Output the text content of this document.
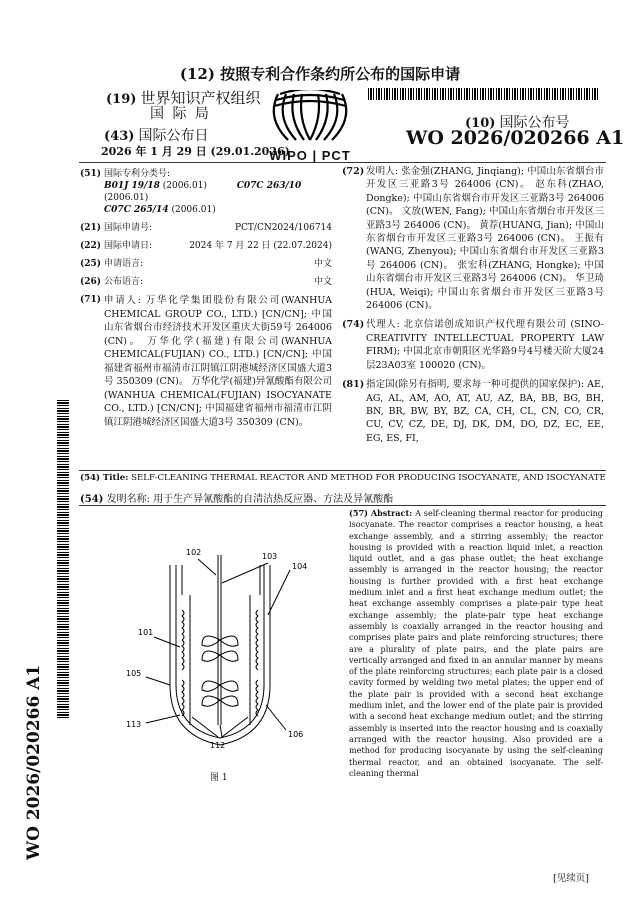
(12) 按照专利合作条约所公布的国际申请
(19) 世界知识产权组织
国 际 局
(43) 国际公布日
2026 年 1 月 29 日 (29.01.2026)
WIPO | PCT
(10) 国际公布号
WO 2026/020266 A1
(51) 国际专利分类号:
B01J 19/18 (2006.01)	C07C 263/10 (2006.01)
C07C 265/14 (2006.01)
(21) 国际申请号:	PCT/CN2024/106714
(22) 国际申请日:	2024 年 7 月 22 日 (22.07.2024)
(25) 申请语言:	中文
(26) 公布语言:	中文
(71) 申请人: 万华化学集团股份有限公司(WANHUA CHEMICAL GROUP CO., LTD.) [CN/CN]; 中国山东省烟台市经济技术开发区重庆大街59号 264006 (CN)。 万华化学(福建)有限公司(WANHUA CHEMICAL(FUJIAN) CO., LTD.) [CN/CN]; 中国福建省福州市福清市江阴镇江阴港城经济区国盛大道3号 350309 (CN)。 万华化学(福建)异氰酸酯有限公司(WANHUA CHEMICAL(FUJIAN) ISOCYANATE CO., LTD.) [CN/CN]; 中国福建省福州市福清市江阴镇江阴港城经济区国盛大道3号 350309 (CN)。

(72) 发明人: 张金强(ZHANG, Jinqiang); 中国山东省烟台市开发区三亚路3号 264006 (CN)。 赵东科(ZHAO, Dongke); 中国山东省烟台市开发区三亚路3号 264006 (CN)。 文放(WEN, Fang); 中国山东省烟台市开发区三亚路3号 264006 (CN)。 黄荐(HUANG, Jian); 中国山东省烟台市开发区三亚路3号 264006 (CN)。 王振有(WANG, Zhenyou); 中国山东省烟台市开发区三亚路3号 264006 (CN)。 张宏科(ZHANG, Hongke); 中国山东省烟台市开发区三亚路3号 264006 (CN)。 华卫琦(HUA, Weiqi); 中国山东省烟台市开发区三亚路3号 264006 (CN)。

(74) 代理人: 北京信诺创成知识产权代理有限公司 (SINO-CREATIVITY INTELLECTUAL PROPERTY LAW FIRM); 中国北京市朝阳区光华路9号4号楼天阶大厦24层23A03室 100020 (CN)。

(81) 指定国(除另有指明, 要求每一种可提供的国家保护): AE, AG, AL, AM, AO, AT, AU, AZ, BA, BB, BG, BH, BN, BR, BW, BY, BZ, CA, CH, CL, CN, CO, CR, CU, CV, CZ, DE, DJ, DK, DM, DO, DZ, EC, EE, EG, ES, FI,

(54) Title: SELF-CLEANING THERMAL REACTOR AND METHOD FOR PRODUCING ISOCYANATE, AND ISOCYANATE
(54) 发明名称: 用于生产异氰酸酯的自清洁热反应器、方法及异氰酸酯
102	103
104
101
105
113
112
106
图 1

(57) Abstract: A self-cleaning thermal reactor for producing isocyanate. The reactor comprises a reactor housing, a heat exchange assembly, and a stirring assembly; the reactor housing is provided with a reaction liquid inlet, a reaction liquid outlet, and a gas phase outlet; the heat exchange assembly is arranged in the reactor housing; the reactor housing is further provided with a first heat exchange medium inlet and a first heat exchange medium outlet; the heat exchange assembly comprises a plate-pair type heat exchange assembly; the plate-pair type heat exchange assembly is coaxially arranged in the reactor housing and comprises plate pairs and plate reinforcing structures; there are a plurality of plate pairs, and the plate pairs are vertically arranged and fixed in an annular manner by means of the plate reinforcing structures; each plate pair is a closed cavity formed by welding two metal plates; the upper end of the plate pair is provided with a second heat exchange medium inlet, and the lower end of the plate pair is provided with a second heat exchange medium outlet; and the stirring assembly is inserted into the reactor housing and is coaxially arranged with the reactor housing. Also provided are a method for producing isocyanate by using the self-cleaning thermal reactor, and an obtained isocyanate. The self-cleaning thermal

WO 2026/020266 A1
[见续页]
